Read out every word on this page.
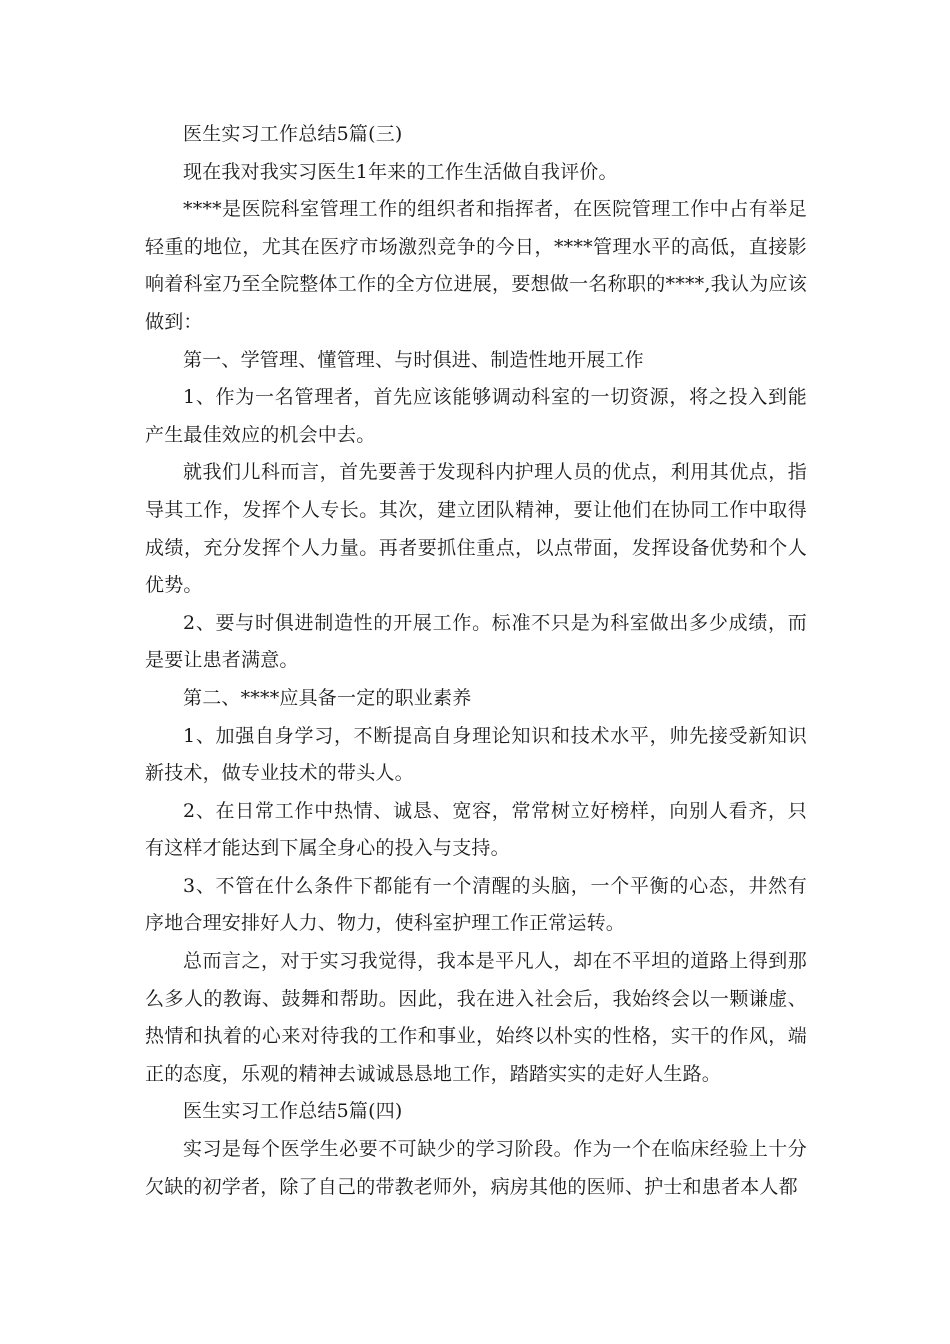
医生实习工作总结5篇(三)

现在我对我实习医生1年来的工作生活做自我评价。

****是医院科室管理工作的组织者和指挥者，在医院管理工作中占有举足轻重的地位，尤其在医疗市场激烈竞争的今日，****管理水平的高低，直接影响着科室乃至全院整体工作的全方位进展，要想做一名称职的****,我认为应该做到：

第一、学管理、懂管理、与时俱进、制造性地开展工作

1、作为一名管理者，首先应该能够调动科室的一切资源，将之投入到能产生最佳效应的机会中去。

就我们儿科而言，首先要善于发现科内护理人员的优点，利用其优点，指导其工作，发挥个人专长。其次，建立团队精神，要让他们在协同工作中取得成绩，充分发挥个人力量。再者要抓住重点，以点带面，发挥设备优势和个人优势。

2、要与时俱进制造性的开展工作。标准不只是为科室做出多少成绩，而是要让患者满意。

第二、****应具备一定的职业素养

1、加强自身学习，不断提高自身理论知识和技术水平，帅先接受新知识新技术，做专业技术的带头人。

2、在日常工作中热情、诚恳、宽容，常常树立好榜样，向别人看齐，只有这样才能达到下属全身心的投入与支持。

3、不管在什么条件下都能有一个清醒的头脑，一个平衡的心态，井然有序地合理安排好人力、物力，使科室护理工作正常运转。

总而言之，对于实习我觉得，我本是平凡人，却在不平坦的道路上得到那么多人的教诲、鼓舞和帮助。因此，我在进入社会后，我始终会以一颗谦虚、热情和执着的心来对待我的工作和事业，始终以朴实的性格，实干的作风，端正的态度，乐观的精神去诚诚恳恳地工作，踏踏实实的走好人生路。

医生实习工作总结5篇(四)

实习是每个医学生必要不可缺少的学习阶段。作为一个在临床经验上十分欠缺的初学者，除了自己的带教老师外，病房其他的医师、护士和患者本人都
